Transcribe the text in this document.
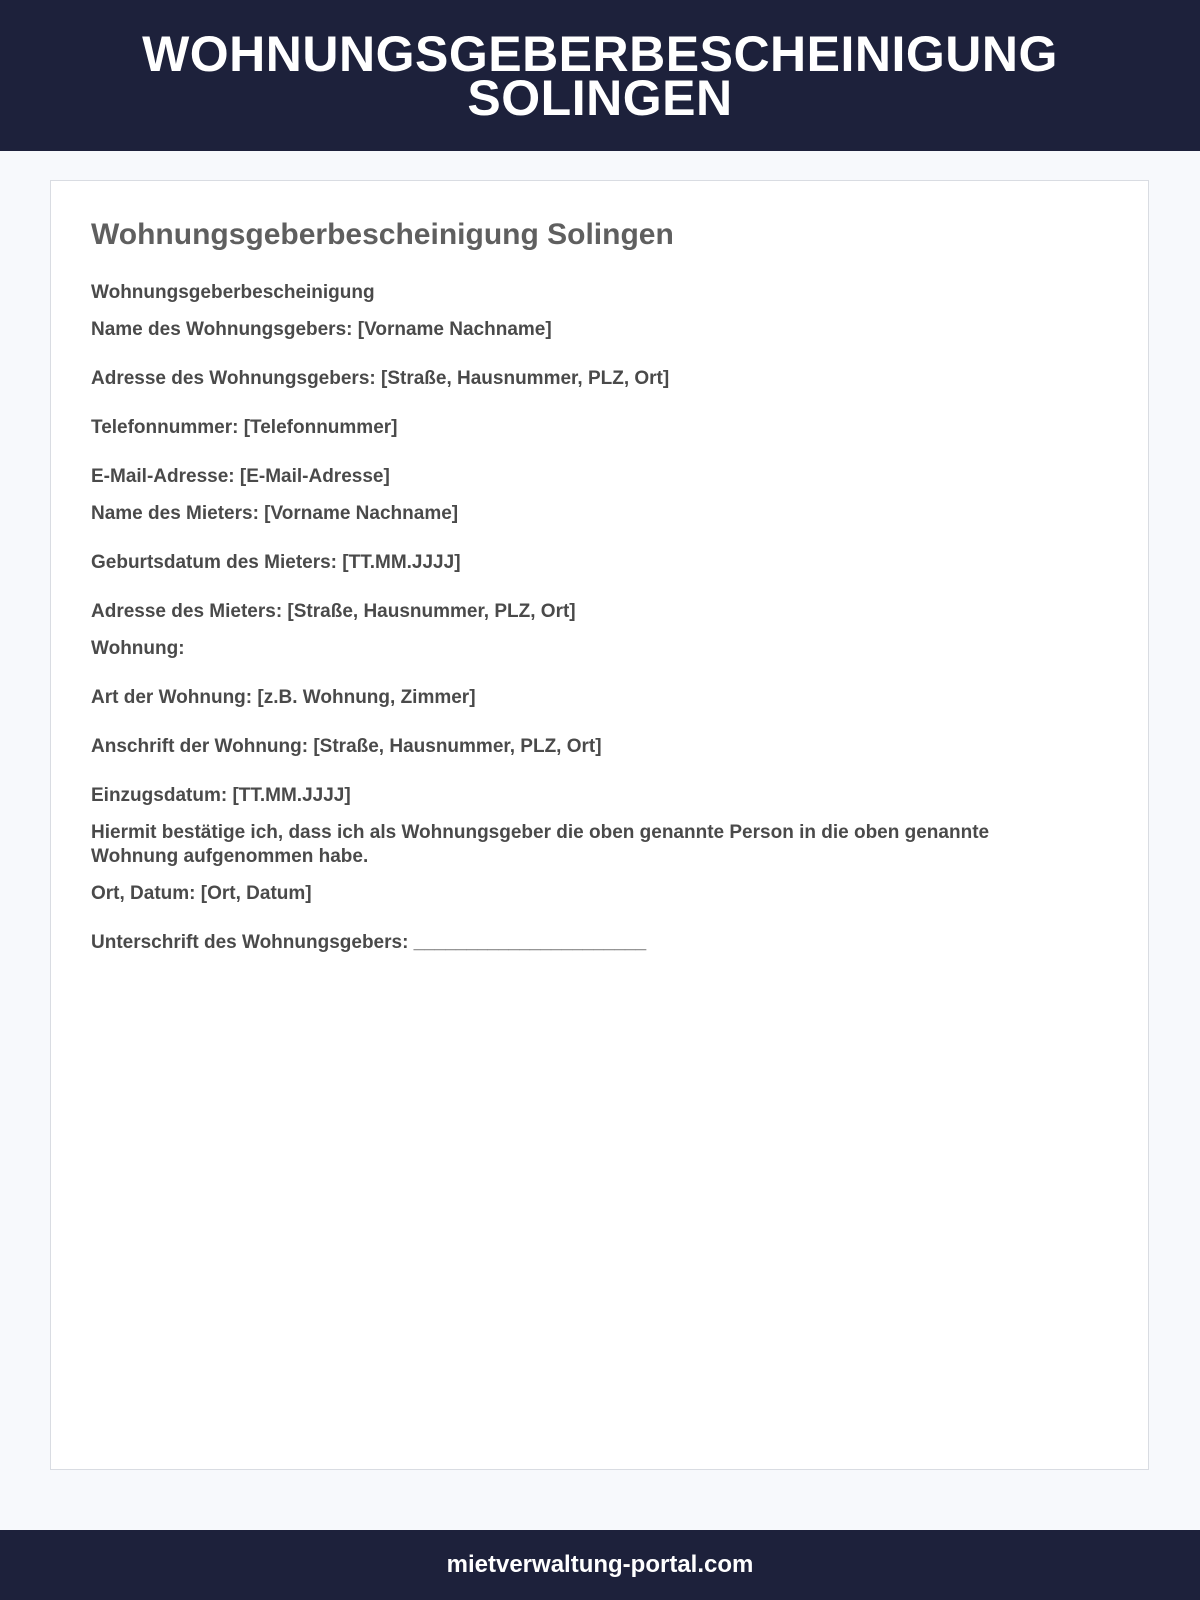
WOHNUNGSGEBERBESCHEINIGUNG SOLINGEN
Wohnungsgeberbescheinigung Solingen
Wohnungsgeberbescheinigung
Name des Wohnungsgebers: [Vorname Nachname]
Adresse des Wohnungsgebers: [Straße, Hausnummer, PLZ, Ort]
Telefonnummer: [Telefonnummer]
E-Mail-Adresse: [E-Mail-Adresse]
Name des Mieters: [Vorname Nachname]
Geburtsdatum des Mieters: [TT.MM.JJJJ]
Adresse des Mieters: [Straße, Hausnummer, PLZ, Ort]
Wohnung:
Art der Wohnung: [z.B. Wohnung, Zimmer]
Anschrift der Wohnung: [Straße, Hausnummer, PLZ, Ort]
Einzugsdatum: [TT.MM.JJJJ]
Hiermit bestätige ich, dass ich als Wohnungsgeber die oben genannte Person in die oben genannte Wohnung aufgenommen habe.
Ort, Datum: [Ort, Datum]
Unterschrift des Wohnungsgebers: ______________________
mietverwaltung-portal.com
